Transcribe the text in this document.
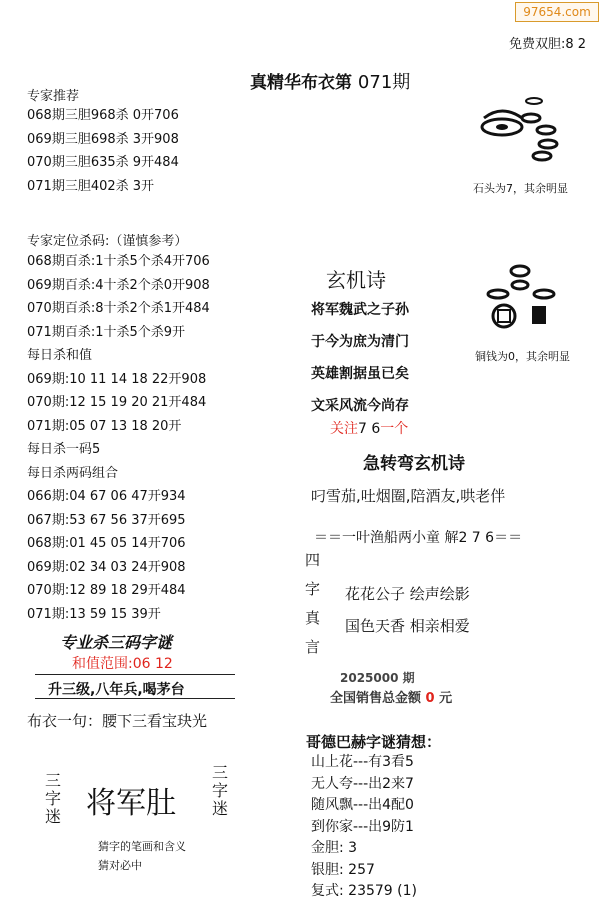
97654.com
免费双胆:8 2
真精华布衣第 071期
专家推荐
068期三胆968杀 0开706
069期三胆698杀 3开908
070期三胆635杀 9开484
071期三胆402杀 3开
专家定位杀码:（谨慎参考）
068期百杀:1十杀5个杀4开706
069期百杀:4十杀2个杀0开908
070期百杀:8十杀2个杀1开484
071期百杀:1十杀5个杀9开
每日杀和值
069期:10 11 14 18 22开908
070期:12 15 19 20 21开484
071期:05 07 13 18 20开
每日杀一码5
每日杀两码组合
066期:04 67 06 47开934
067期:53 67 56 37开695
068期:01 45 05 14开706
069期:02 34 03 24开908
070期:12 89 18 29开484
071期:13 59 15 39开
专业杀三码字谜
和值范围:06 12
升三级,八年兵,喝茅台
布衣一句：腰下三看宝玦光
三字迷 将军肚
三字迷
猜字的笔画和含义
猜对必中
石头为7，其余明显
铜钱为0，其余明显
玄机诗
将军魏武之子孙
于今为庶为清门
英雄割据虽已矣
文采风流今尚存
关注7 6一个
急转弯玄机诗
叼雪茄,吐烟圈,陪酒友,哄老伴
＝＝一叶渔船两小童 解2 7 6＝＝
四
字
真
言
花花公子 绘声绘影
国色天香 相亲相爱
2025000 期
全国销售总金额 0 元
哥德巴赫字谜猜想：
山上花---有3看5
无人夸---出2来7
随风飘---出4配0
到你家---出9防1
金胆: 3
银胆: 257
复式: 23579 (1)
